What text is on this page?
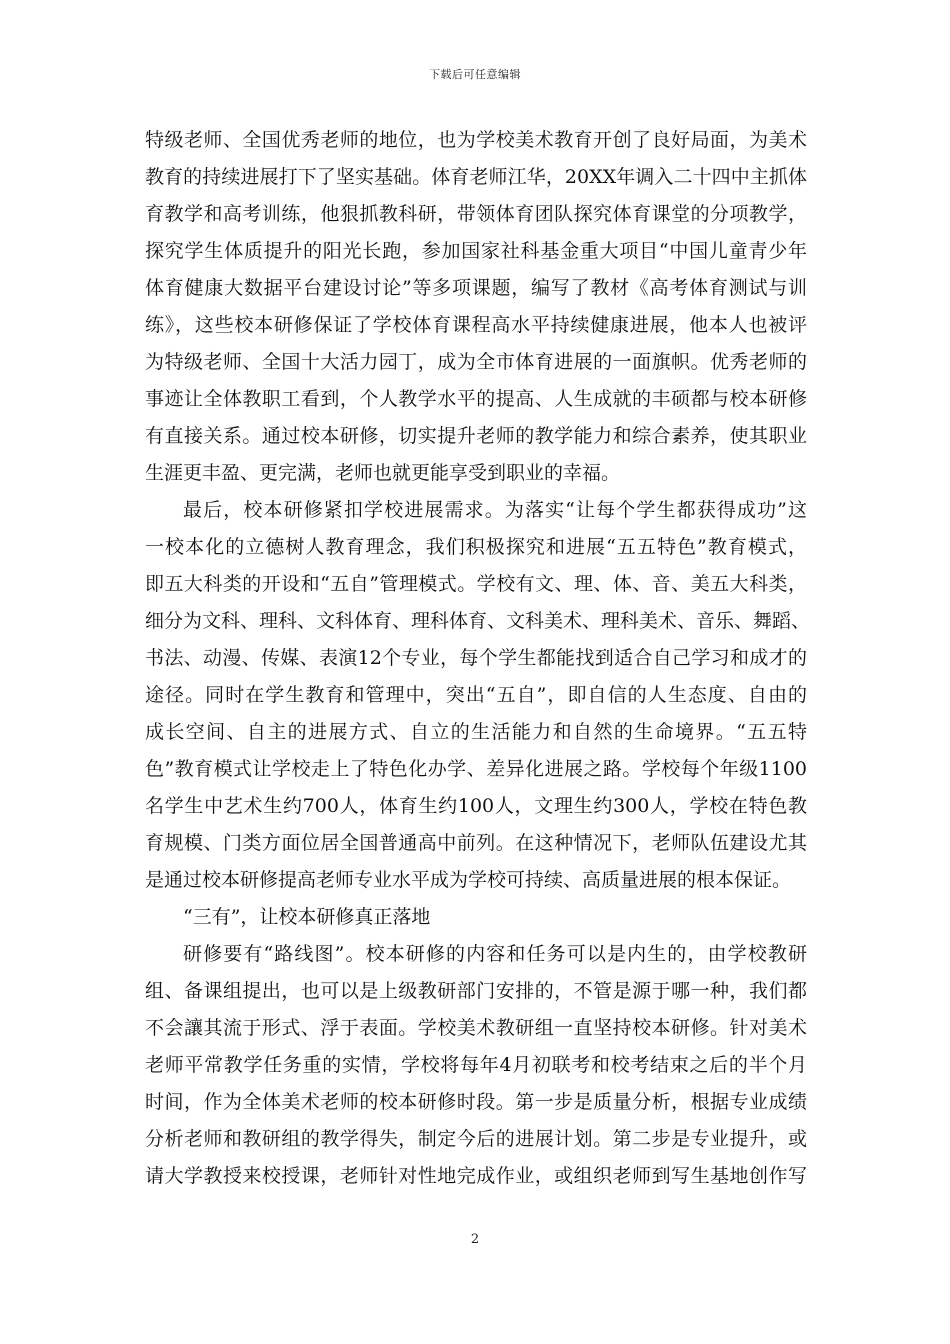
下载后可任意编辑
特级老师、全国优秀老师的地位，也为学校美术教育开创了良好局面，为美术
教育的持续进展打下了坚实基础。体育老师江华，20XX年调入二十四中主抓体
育教学和高考训练，他狠抓教科研，带领体育团队探究体育课堂的分项教学，
探究学生体质提升的阳光长跑，参加国家社科基金重大项目“中国儿童青少年
体育健康大数据平台建设讨论”等多项课题，编写了教材《高考体育测试与训
练》，这些校本研修保证了学校体育课程高水平持续健康进展，他本人也被评
为特级老师、全国十大活力园丁，成为全市体育进展的一面旗帜。优秀老师的
事迹让全体教职工看到，个人教学水平的提高、人生成就的丰硕都与校本研修
有直接关系。通过校本研修，切实提升老师的教学能力和综合素养，使其职业
生涯更丰盈、更完满，老师也就更能享受到职业的幸福。
最后，校本研修紧扣学校进展需求。为落实“让每个学生都获得成功”这
一校本化的立德树人教育理念，我们积极探究和进展“五五特色”教育模式，
即五大科类的开设和“五自”管理模式。学校有文、理、体、音、美五大科类，
细分为文科、理科、文科体育、理科体育、文科美术、理科美术、音乐、舞蹈、
书法、动漫、传媒、表演12个专业，每个学生都能找到适合自己学习和成才的
途径。同时在学生教育和管理中，突出“五自”，即自信的人生态度、自由的
成长空间、自主的进展方式、自立的生活能力和自然的生命境界。“五五特
色”教育模式让学校走上了特色化办学、差异化进展之路。学校每个年级1100
名学生中艺术生约700人，体育生约100人，文理生约300人，学校在特色教
育规模、门类方面位居全国普通高中前列。在这种情况下，老师队伍建设尤其
是通过校本研修提高老师专业水平成为学校可持续、高质量进展的根本保证。
“三有”，让校本研修真正落地
研修要有“路线图”。校本研修的内容和任务可以是内生的，由学校教研
组、备课组提出，也可以是上级教研部门安排的，不管是源于哪一种，我们都
不会讓其流于形式、浮于表面。学校美术教研组一直坚持校本研修。针对美术
老师平常教学任务重的实情，学校将每年4月初联考和校考结束之后的半个月
时间，作为全体美术老师的校本研修时段。第一步是质量分析，根据专业成绩
分析老师和教研组的教学得失，制定今后的进展计划。第二步是专业提升，或
请大学教授来校授课，老师针对性地完成作业，或组织老师到写生基地创作写
2
